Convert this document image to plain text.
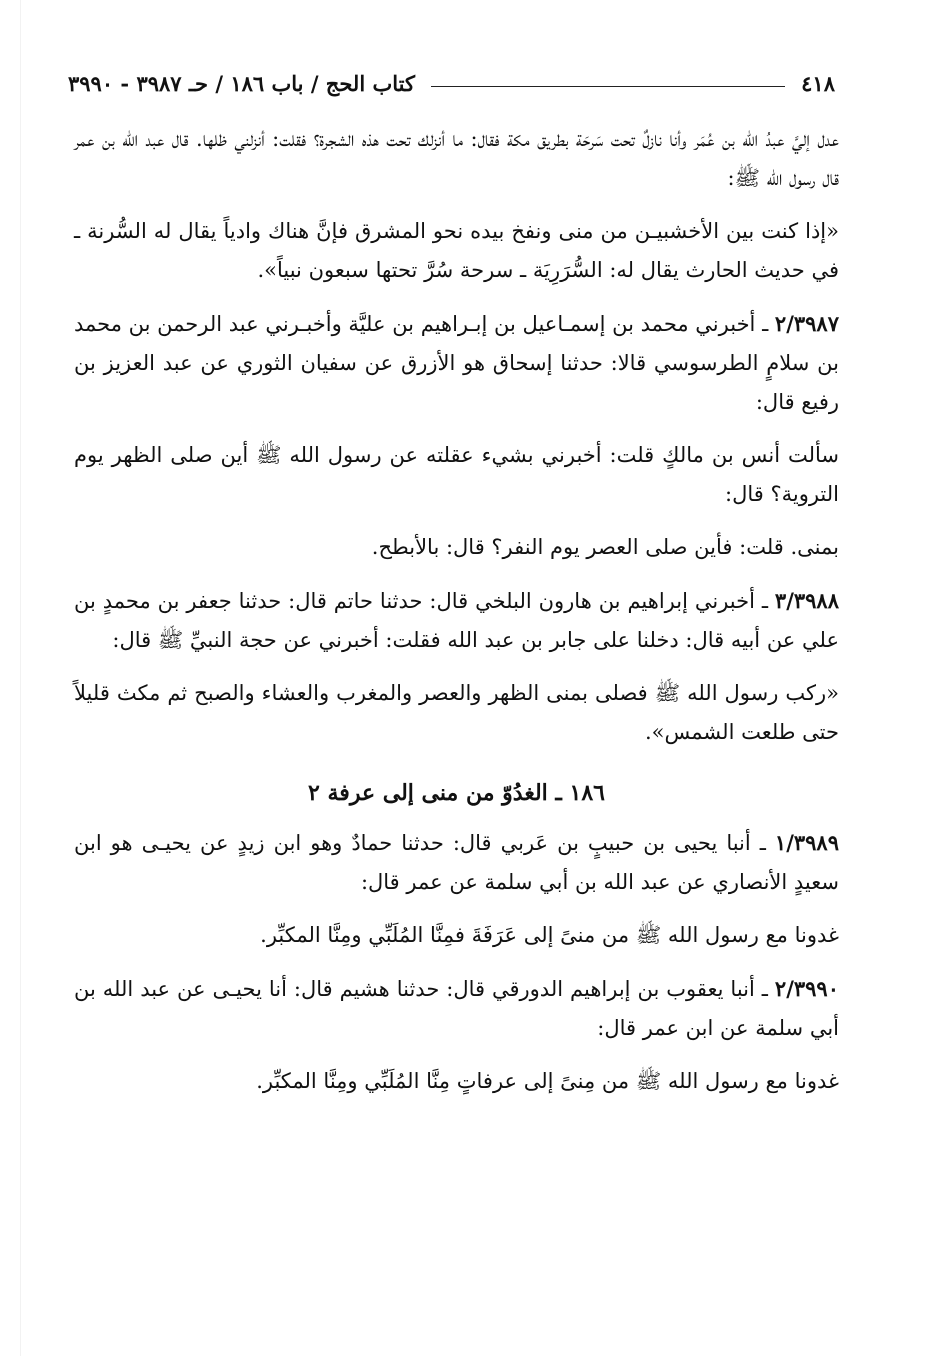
٤١٨
كتاب الحج / باب ١٨٦ / حـ ٣٩٨٧ - ٣٩٩٠

عدل إليَّ عبدُ الله بن عُمَر وأنا نازلٌ تحت سَرحَة بطريق مكة فقال: ما أنزلك تحت هذه الشجرة؟ فقلت: أنزلني ظلها. قال عبد الله بن عمر قال رسول الله ﷺ:

«إذا كنت بين الأخشبيـن من منى ونفخ بيده نحو المشرق فإنَّ هناك وادياً يقال له السُّرنة ـ في حديث الحارث يقال له: السُّرَرِيَة ـ سرحة سُرَّ تحتها سبعون نبياً».

٢/٣٩٨٧ ـ أخبرني محمد بن إسمـاعيل بن إبـراهيم بن عليَّة وأخبـرني عبد الرحمن بن محمد بن سلامٍ الطرسوسي قالا: حدثنا إسحاق هو الأزرق عن سفيان الثوري عن عبد العزيز بن رفيع قال:

سألت أنس بن مالكٍ قلت: أخبرني بشيء عقلته عن رسول الله ﷺ أين صلى الظهر يوم التروية؟ قال:

بمنى. قلت: فأين صلى العصر يوم النفر؟ قال: بالأبطح.

٣/٣٩٨٨ ـ أخبرني إبراهيم بن هارون البلخي قال: حدثنا حاتم قال: حدثنا جعفر بن محمدٍ بن علي عن أبيه قال: دخلنا على جابر بن عبد الله فقلت: أخبرني عن حجة النبيِّ ﷺ قال:

«ركب رسول الله ﷺ فصلى بمنى الظهر والعصر والمغرب والعشاء والصبح ثم مكث قليلاً حتى طلعت الشمس».

١٨٦ ـ الغدُوّ من منى إلى عرفة ٢

١/٣٩٨٩ ـ أنبا يحيى بن حبيبٍ بن عَربي قال: حدثنا حمادٌ وهو ابن زيدٍ عن يحيـى هو ابن سعيدٍ الأنصاري عن عبد الله بن أبي سلمة عن عمر قال:

غدونا مع رسول الله ﷺ من منىً إلى عَرَفَةَ فمِنَّا المُلَبِّي ومِنَّا المكبِّر.

٢/٣٩٩٠ ـ أنبا يعقوب بن إبراهيم الدورقي قال: حدثنا هشيم قال: أنا يحيـى عن عبد الله بن أبي سلمة عن ابن عمر قال:

غدونا مع رسول الله ﷺ من مِنىً إلى عرفاتٍ مِنَّا المُلَبِّي ومِنَّا المكبِّر.
